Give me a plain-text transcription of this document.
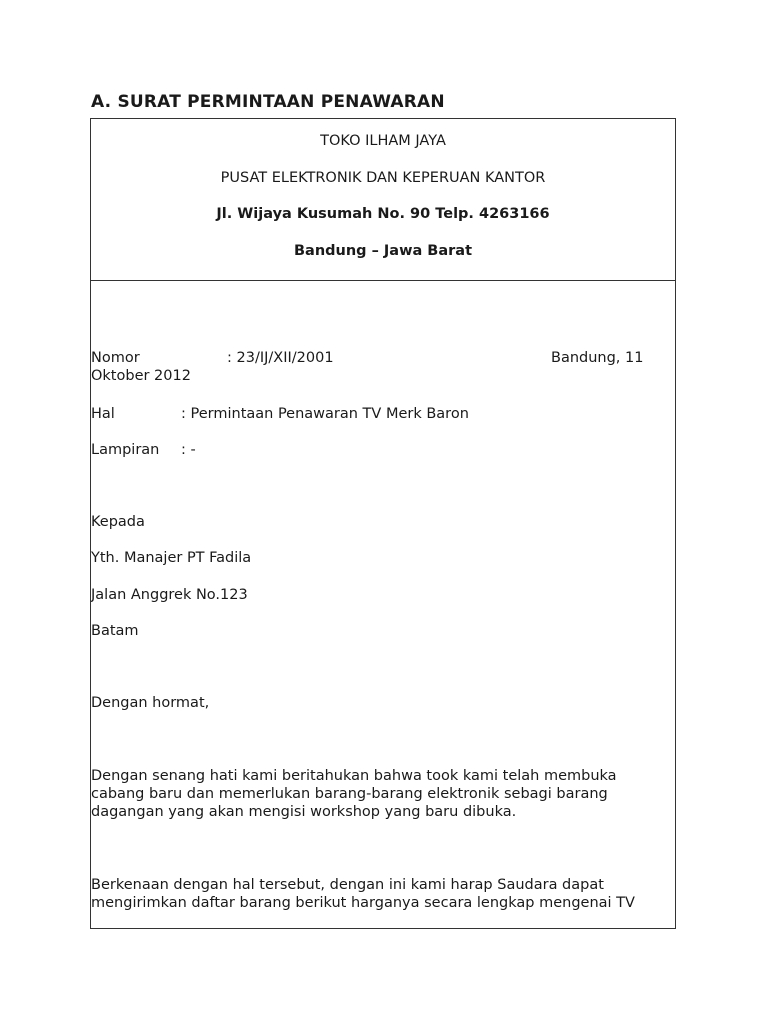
A. SURAT PERMINTAAN PENAWARAN
TOKO ILHAM JAYA
PUSAT ELEKTRONIK DAN KEPERUAN KANTOR
Jl. Wijaya Kusumah No. 90 Telp. 4263166
Bandung – Jawa Barat
Nomor	: 23/IJ/XII/2001	Bandung, 11
Oktober 2012
Hal	: Permintaan Penawaran TV Merk Baron
Lampiran : -
Kepada
Yth. Manajer PT Fadila
Jalan Anggrek No.123
Batam
Dengan hormat,
Dengan senang hati kami beritahukan bahwa took kami telah membuka
cabang baru dan memerlukan barang-barang elektronik sebagi barang
dagangan yang akan mengisi workshop yang baru dibuka.
Berkenaan dengan hal tersebut, dengan ini kami harap Saudara dapat
mengirimkan daftar barang berikut harganya secara lengkap mengenai TV
